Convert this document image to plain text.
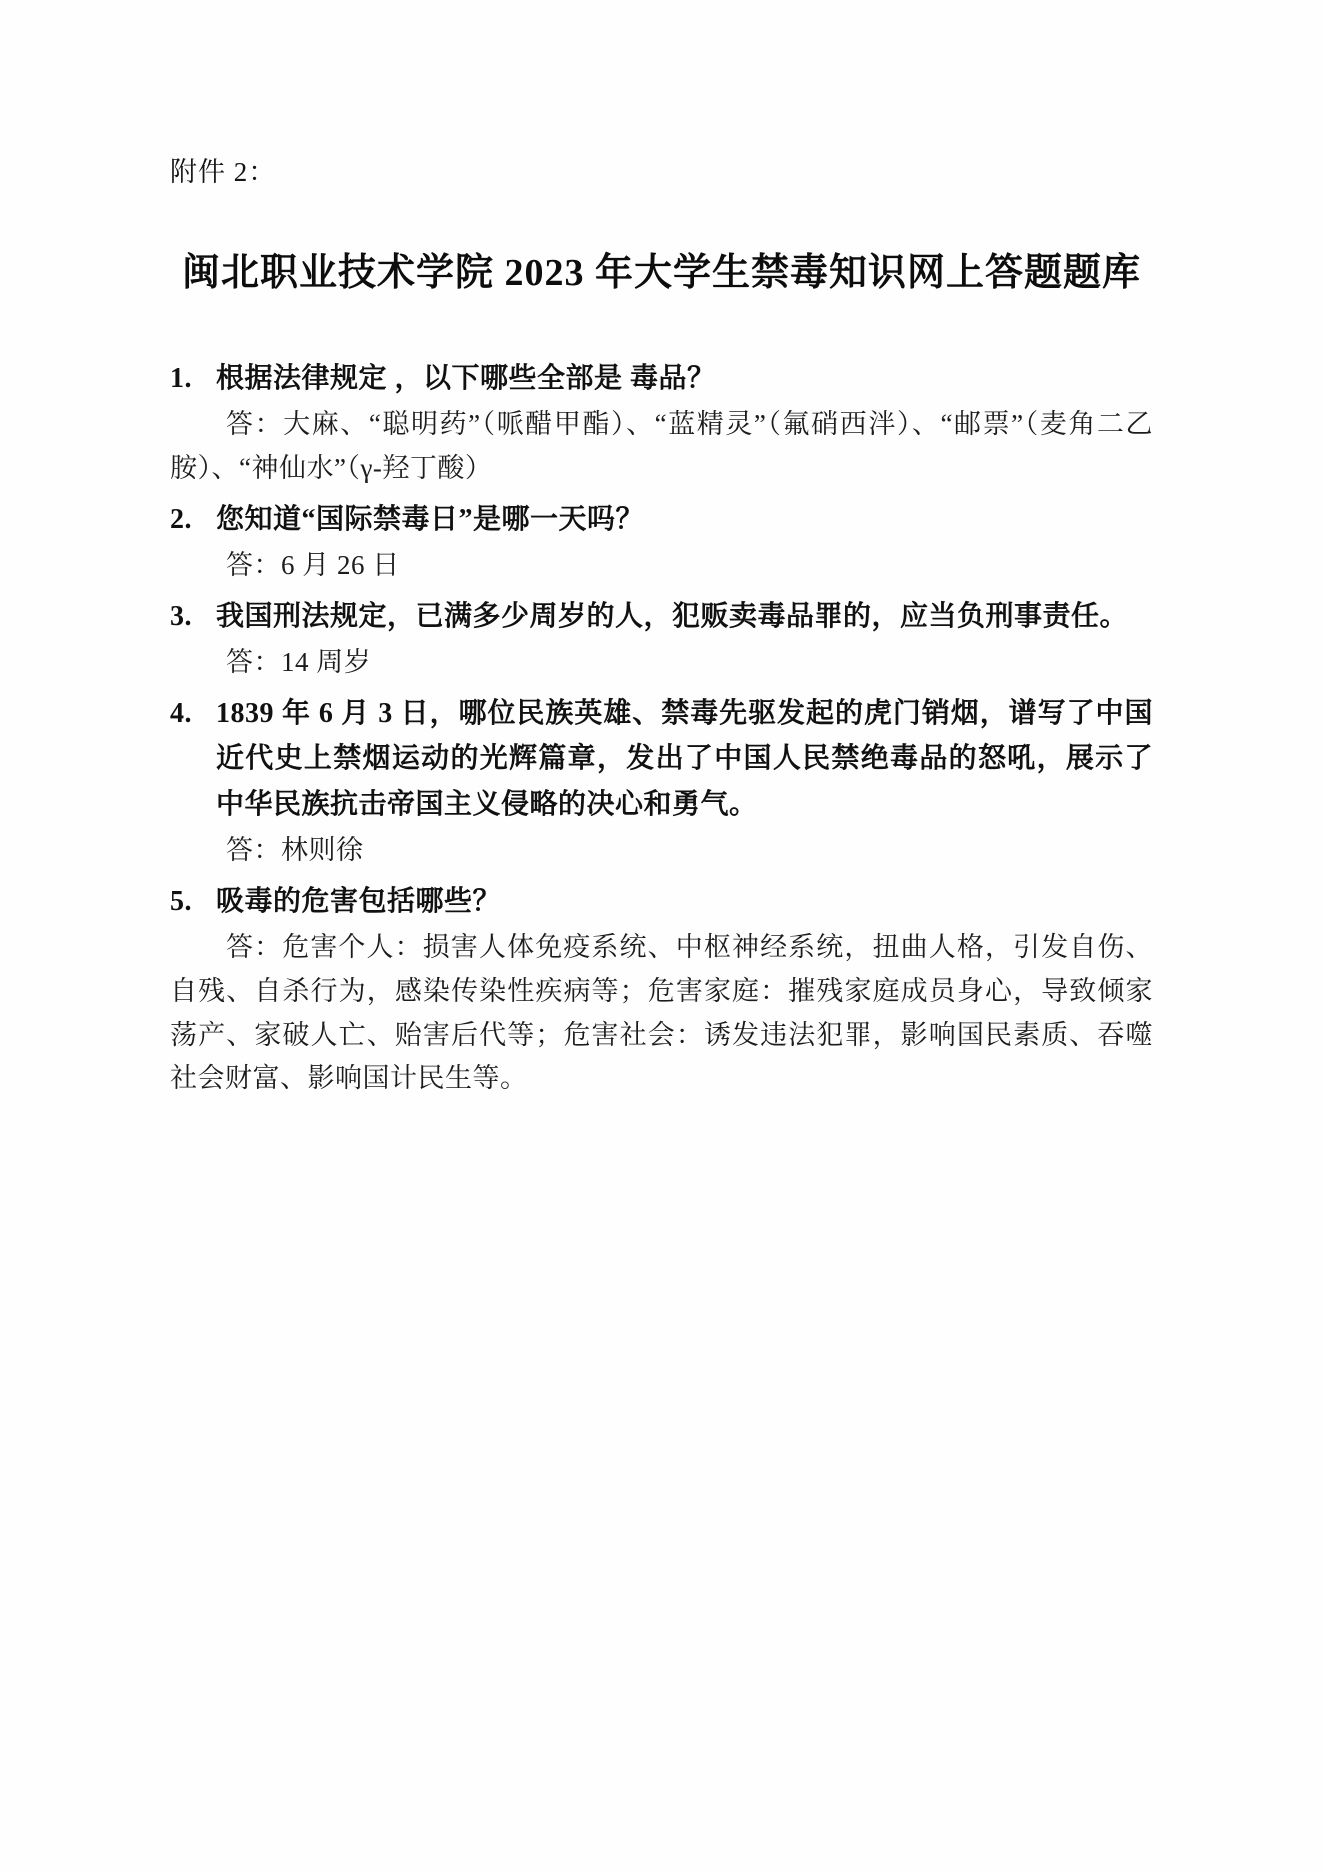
附件 2：
闽北职业技术学院 2023 年大学生禁毒知识网上答题题库
1. 根据法律规定 ，以下哪些全部是 毒品？
答：大麻、“聪明药”（哌醋甲酯）、“蓝精灵”（氟硝西泮）、“邮票”（麦角二乙胺）、“神仙水”（γ-羟丁酸）
2. 您知道“国际禁毒日”是哪一天吗？
答：6 月 26 日
3. 我国刑法规定，已满多少周岁的人，犯贩卖毒品罪的，应当负刑事责任。
答：14 周岁
4. 1839 年 6 月 3 日，哪位民族英雄、禁毒先驱发起的虎门销烟，谱写了中国近代史上禁烟运动的光辉篇章，发出了中国人民禁绝毒品的怒吼，展示了中华民族抗击帝国主义侵略的决心和勇气。
答：林则徐
5. 吸毒的危害包括哪些？
答：危害个人：损害人体免疫系统、中枢神经系统，扭曲人格，引发自伤、自残、自杀行为，感染传染性疾病等；危害家庭：摧残家庭成员身心，导致倾家荡产、家破人亡、贻害后代等；危害社会：诱发违法犯罪，影响国民素质、吞噬社会财富、影响国计民生等。
